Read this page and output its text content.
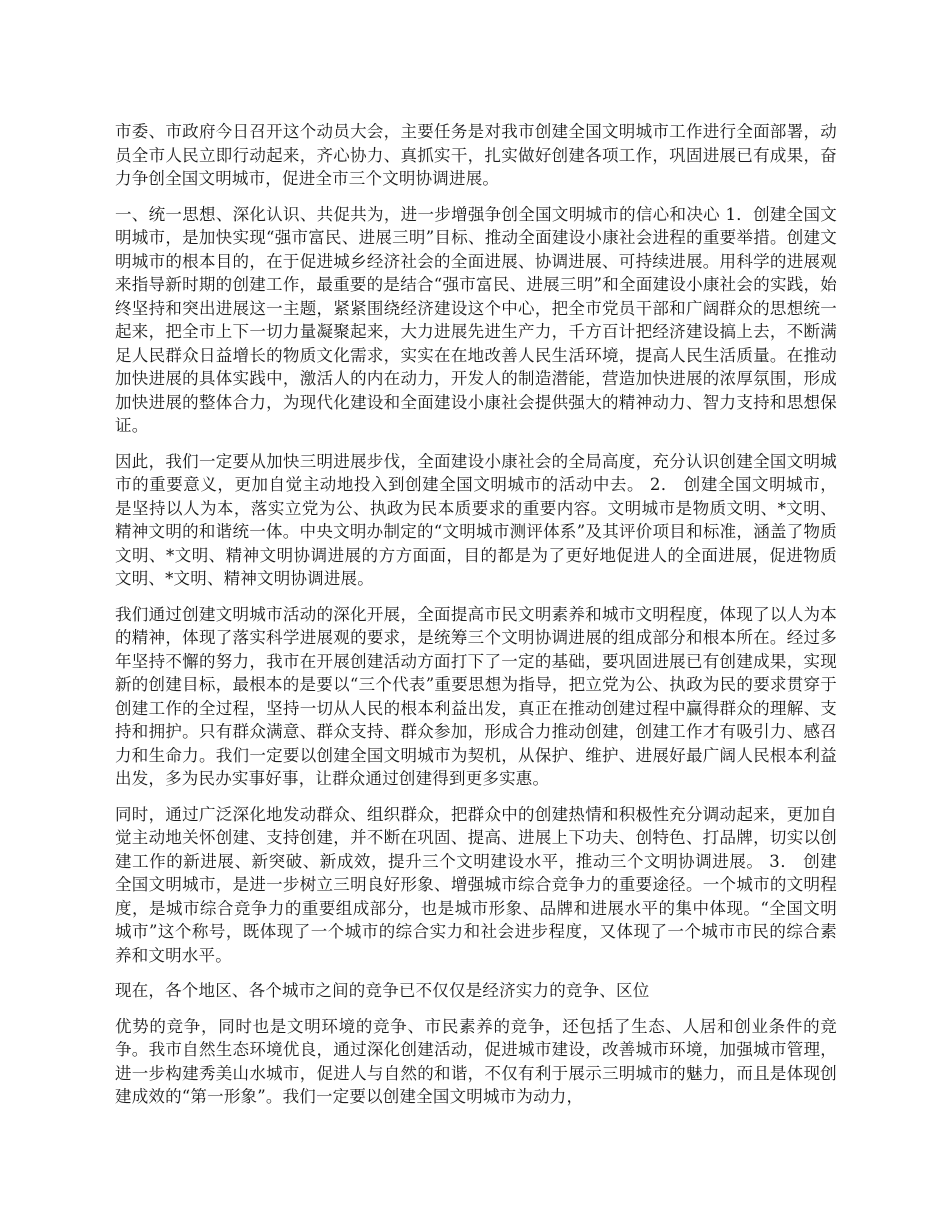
市委、市政府今日召开这个动员大会，主要任务是对我市创建全国文明城市工作进行全面部署，动员全市人民立即行动起来，齐心协力、真抓实干，扎实做好创建各项工作，巩固进展已有成果，奋力争创全国文明城市，促进全市三个文明协调进展。

一、统一思想、深化认识、共促共为，进一步增强争创全国文明城市的信心和决心 1．创建全国文明城市，是加快实现“强市富民、进展三明”目标、推动全面建设小康社会进程的重要举措。创建文明城市的根本目的，在于促进城乡经济社会的全面进展、协调进展、可持续进展。用科学的进展观来指导新时期的创建工作，最重要的是结合“强市富民、进展三明”和全面建设小康社会的实践，始终坚持和突出进展这一主题，紧紧围绕经济建设这个中心，把全市党员干部和广阔群众的思想统一起来，把全市上下一切力量凝聚起来，大力进展先进生产力，千方百计把经济建设搞上去，不断满足人民群众日益增长的物质文化需求，实实在在地改善人民生活环境，提高人民生活质量。在推动加快进展的具体实践中，激活人的内在动力，开发人的制造潜能，营造加快进展的浓厚氛围，形成加快进展的整体合力，为现代化建设和全面建设小康社会提供强大的精神动力、智力支持和思想保证。

因此，我们一定要从加快三明进展步伐，全面建设小康社会的全局高度，充分认识创建全国文明城市的重要意义，更加自觉主动地投入到创建全国文明城市的活动中去。 2． 创建全国文明城市，是坚持以人为本，落实立党为公、执政为民本质要求的重要内容。文明城市是物质文明、*文明、精神文明的和谐统一体。中央文明办制定的“文明城市测评体系”及其评价项目和标准，涵盖了物质文明、*文明、精神文明协调进展的方方面面，目的都是为了更好地促进人的全面进展，促进物质文明、*文明、精神文明协调进展。

我们通过创建文明城市活动的深化开展，全面提高市民文明素养和城市文明程度，体现了以人为本的精神，体现了落实科学进展观的要求，是统筹三个文明协调进展的组成部分和根本所在。经过多年坚持不懈的努力，我市在开展创建活动方面打下了一定的基础，要巩固进展已有创建成果，实现新的创建目标，最根本的是要以“三个代表”重要思想为指导，把立党为公、执政为民的要求贯穿于创建工作的全过程，坚持一切从人民的根本利益出发，真正在推动创建过程中赢得群众的理解、支持和拥护。只有群众满意、群众支持、群众参加，形成合力推动创建，创建工作才有吸引力、感召力和生命力。我们一定要以创建全国文明城市为契机，从保护、维护、进展好最广阔人民根本利益出发，多为民办实事好事，让群众通过创建得到更多实惠。

同时，通过广泛深化地发动群众、组织群众，把群众中的创建热情和积极性充分调动起来，更加自觉主动地关怀创建、支持创建，并不断在巩固、提高、进展上下功夫、创特色、打品牌，切实以创建工作的新进展、新突破、新成效，提升三个文明建设水平，推动三个文明协调进展。 3． 创建全国文明城市，是进一步树立三明良好形象、增强城市综合竞争力的重要途径。一个城市的文明程度，是城市综合竞争力的重要组成部分，也是城市形象、品牌和进展水平的集中体现。“全国文明城市”这个称号，既体现了一个城市的综合实力和社会进步程度，又体现了一个城市市民的综合素养和文明水平。

现在，各个地区、各个城市之间的竞争已不仅仅是经济实力的竞争、区位

优势的竞争，同时也是文明环境的竞争、市民素养的竞争，还包括了生态、人居和创业条件的竞争。我市自然生态环境优良，通过深化创建活动，促进城市建设，改善城市环境，加强城市管理，进一步构建秀美山水城市，促进人与自然的和谐，不仅有利于展示三明城市的魅力，而且是体现创建成效的“第一形象”。我们一定要以创建全国文明城市为动力，
